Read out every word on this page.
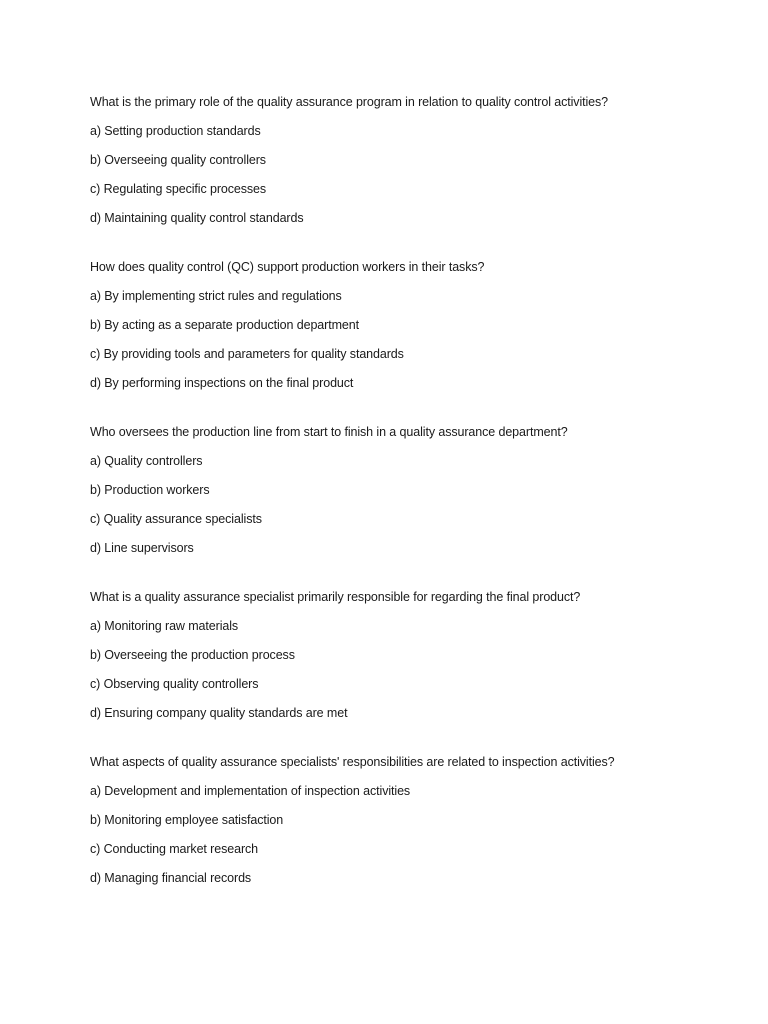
What is the primary role of the quality assurance program in relation to quality control activities?
a) Setting production standards
b) Overseeing quality controllers
c) Regulating specific processes
d) Maintaining quality control standards
How does quality control (QC) support production workers in their tasks?
a) By implementing strict rules and regulations
b) By acting as a separate production department
c) By providing tools and parameters for quality standards
d) By performing inspections on the final product
Who oversees the production line from start to finish in a quality assurance department?
a) Quality controllers
b) Production workers
c) Quality assurance specialists
d) Line supervisors
What is a quality assurance specialist primarily responsible for regarding the final product?
a) Monitoring raw materials
b) Overseeing the production process
c) Observing quality controllers
d) Ensuring company quality standards are met
What aspects of quality assurance specialists' responsibilities are related to inspection activities?
a) Development and implementation of inspection activities
b) Monitoring employee satisfaction
c) Conducting market research
d) Managing financial records
